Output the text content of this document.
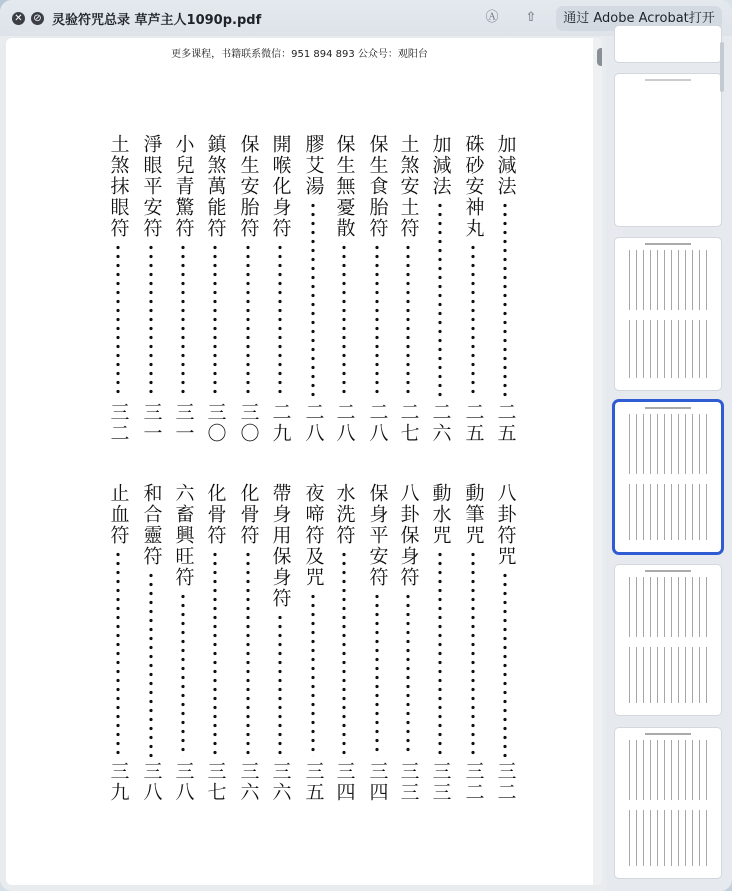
✕ ⊘ 灵验符咒总录 草芦主人1090p.pdf	Ⓐ ⇧	通过 Adobe Acrobat打开
更多课程，书籍联系微信：951 894 893 公众号：观阳台
加減法
二五
硃砂安神丸
二五
加減法
二六
土煞安土符
二七
保生食胎符
二八
保生無憂散
二八
膠艾湯
二八
開喉化身符
二九
保生安胎符
三〇
鎮煞萬能符
三〇
小兒青驚符
三一
淨眼平安符
三一
土煞抹眼符
三二
八卦符咒
三二
動筆咒
三二
動水咒
三三
八卦保身符
三三
保身平安符
三四
水洗符
三四
夜啼符及咒
三五
帶身用保身符
三六
化骨符
三六
化骨符
三七
六畜興旺符
三八
和合靈符
三八
止血符
三九
